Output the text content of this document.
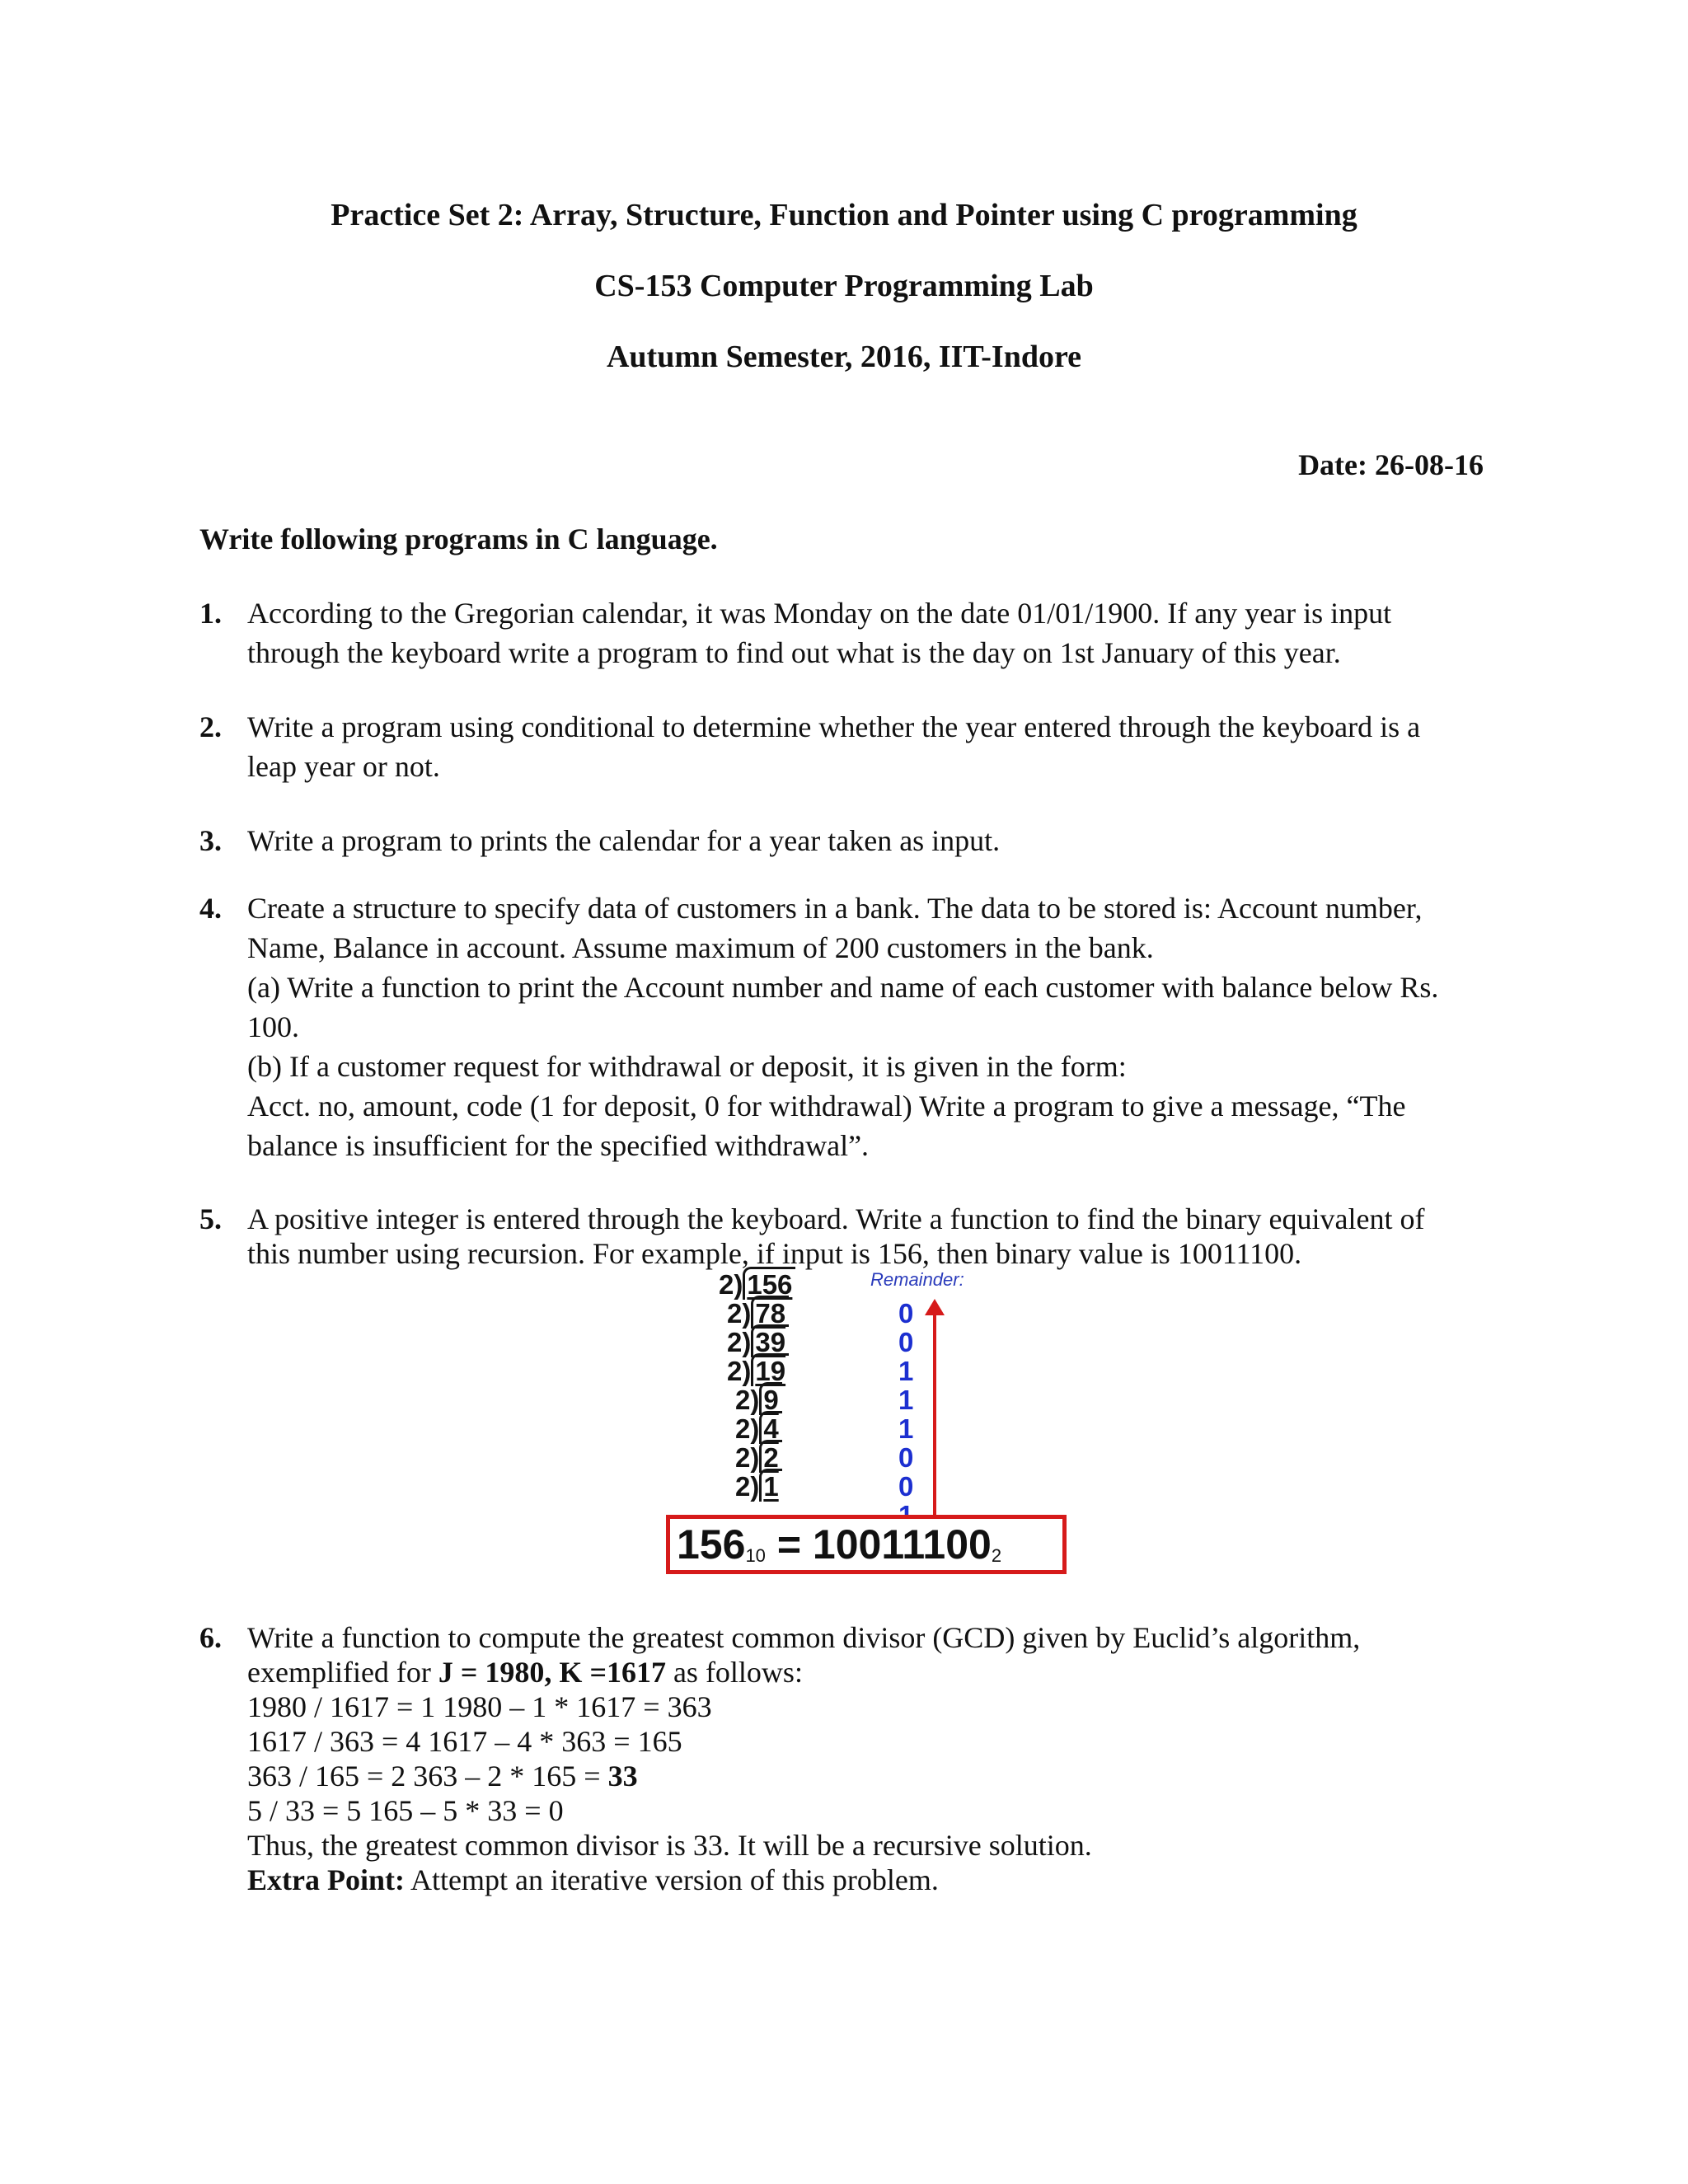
Practice Set 2: Array, Structure, Function and Pointer using C programming
CS-153 Computer Programming Lab
Autumn Semester, 2016, IIT-Indore
Date: 26-08-16
Write following programs in C language.
1. According to the Gregorian calendar, it was Monday on the date 01/01/1900. If any year is input

through the keyboard write a program to find out what is the day on 1st January of this year.

2. Write a program using conditional to determine whether the year entered through the keyboard is a

leap year or not.

3. Write a program to prints the calendar for a year taken as input.

4. Create a structure to specify data of customers in a bank. The data to be stored is: Account number,

Name, Balance in account. Assume maximum of 200 customers in the bank.

(a) Write a function to print the Account number and name of each customer with balance below Rs.

100.

(b) If a customer request for withdrawal or deposit, it is given in the form:

Acct. no, amount, code (1 for deposit, 0 for withdrawal) Write a program to give a message, “The

balance is insufficient for the specified withdrawal”.

5. A positive integer is entered through the keyboard. Write a function to find the binary equivalent of

this number using recursion. For example, if input is 156, then binary value is 10011100.

2) 156
2) 78
2) 39
2) 19
2) 9
2) 4
2) 2
2) 1
Remainder:
0
0
1
1
1
0
0
$156_{10} = 10011100_2$
6. Write a function to compute the greatest common divisor (GCD) given by Euclid’s algorithm,

exemplified for J = 1980, K =1617 as follows:

1980 / 1617 = 1 1980 – 1 * 1617 = 363

1617 / 363 = 4 1617 – 4 * 363 = 165

363 / 165 = 2 363 – 2 * 165 = 33

5 / 33 = 5 165 – 5 * 33 = 0

Thus, the greatest common divisor is 33. It will be a recursive solution.

Extra Point: Attempt an iterative version of this problem.
